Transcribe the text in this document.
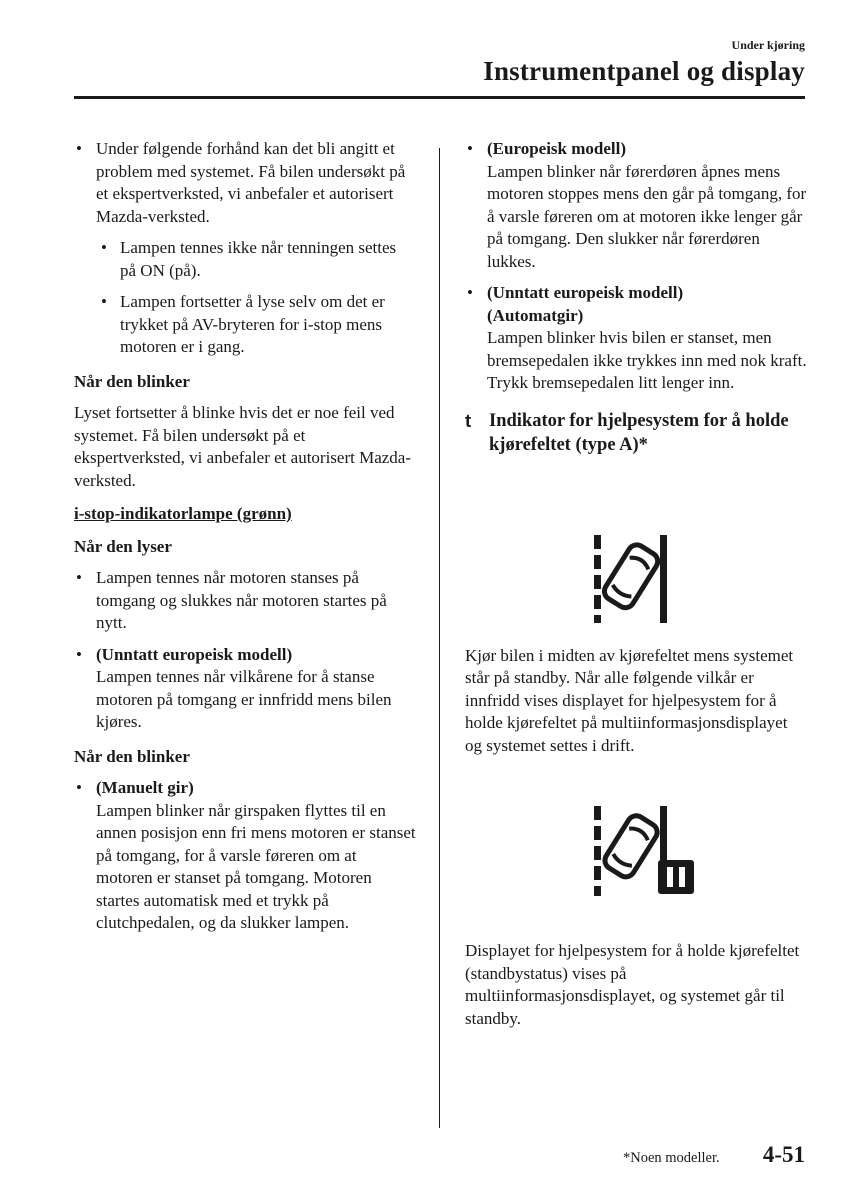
Under kjøring
Instrumentpanel og display
• Under følgende forhånd kan det bli angitt et problem med systemet. Få bilen undersøkt på et ekspertverksted, vi anbefaler et autorisert Mazda-verksted.
• Lampen tennes ikke når tenningen settes på ON (på).
• Lampen fortsetter å lyse selv om det er trykket på AV-bryteren for i-stop mens motoren er i gang.
Når den blinker
Lyset fortsetter å blinke hvis det er noe feil ved systemet. Få bilen undersøkt på et ekspertverksted, vi anbefaler et autorisert Mazda-verksted.
i-stop-indikatorlampe (grønn)
Når den lyser
• Lampen tennes når motoren stanses på tomgang og slukkes når motoren startes på nytt.
• (Unntatt europeisk modell)
Lampen tennes når vilkårene for å stanse motoren på tomgang er innfridd mens bilen kjøres.
Når den blinker
• (Manuelt gir)
Lampen blinker når girspaken flyttes til en annen posisjon enn fri mens motoren er stanset på tomgang, for å varsle føreren om at motoren er stanset på tomgang. Motoren startes automatisk med et trykk på clutchpedalen, og da slukker lampen.
• (Europeisk modell)
Lampen blinker når førerdøren åpnes mens motoren stoppes mens den går på tomgang, for å varsle føreren om at motoren ikke lenger går på tomgang. Den slukker når førerdøren lukkes.
• (Unntatt europeisk modell)
(Automatgir)
Lampen blinker hvis bilen er stanset, men bremsepedalen ikke trykkes inn med nok kraft. Trykk bremsepedalen litt lenger inn.
t Indikator for hjelpesystem for å holde kjørefeltet (type A)*
Kjør bilen i midten av kjørefeltet mens systemet står på standby. Når alle følgende vilkår er innfridd vises displayet for hjelpesystem for å holde kjørefeltet på multiinformasjonsdisplayet og systemet settes i drift.
Displayet for hjelpesystem for å holde kjørefeltet (standbystatus) vises på multiinformasjonsdisplayet, og systemet går til standby.
*Noen modeller. 4-51
